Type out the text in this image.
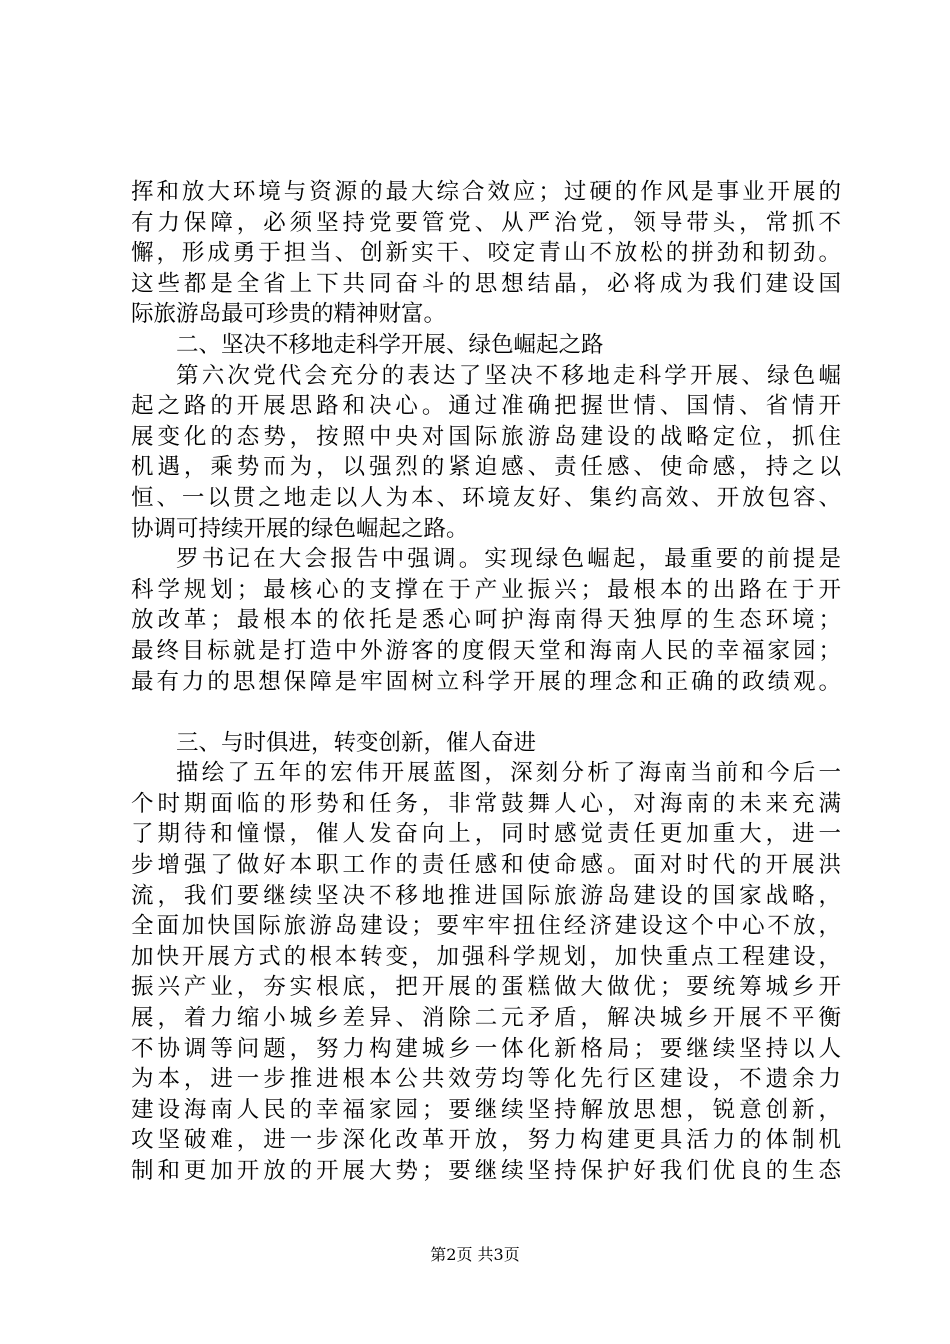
挥和放大环境与资源的最大综合效应；过硬的作风是事业开展的
有力保障，必须坚持党要管党、从严治党，领导带头，常抓不
懈，形成勇于担当、创新实干、咬定青山不放松的拼劲和韧劲。
这些都是全省上下共同奋斗的思想结晶，必将成为我们建设国
际旅游岛最可珍贵的精神财富。
二、坚决不移地走科学开展、绿色崛起之路
第六次党代会充分的表达了坚决不移地走科学开展、绿色崛
起之路的开展思路和决心。通过准确把握世情、国情、省情开
展变化的态势，按照中央对国际旅游岛建设的战略定位，抓住
机遇，乘势而为，以强烈的紧迫感、责任感、使命感，持之以
恒、一以贯之地走以人为本、环境友好、集约高效、开放包容、
协调可持续开展的绿色崛起之路。
罗书记在大会报告中强调。实现绿色崛起，最重要的前提是
科学规划；最核心的支撑在于产业振兴；最根本的出路在于开
放改革；最根本的依托是悉心呵护海南得天独厚的生态环境；
最终目标就是打造中外游客的度假天堂和海南人民的幸福家园；
最有力的思想保障是牢固树立科学开展的理念和正确的政绩观。
三、与时俱进，转变创新，催人奋进
描绘了五年的宏伟开展蓝图，深刻分析了海南当前和今后一
个时期面临的形势和任务，非常鼓舞人心，对海南的未来充满
了期待和憧憬，催人发奋向上，同时感觉责任更加重大，进一
步增强了做好本职工作的责任感和使命感。面对时代的开展洪
流，我们要继续坚决不移地推进国际旅游岛建设的国家战略，
全面加快国际旅游岛建设；要牢牢扭住经济建设这个中心不放，
加快开展方式的根本转变，加强科学规划，加快重点工程建设，
振兴产业，夯实根底，把开展的蛋糕做大做优；要统筹城乡开
展，着力缩小城乡差异、消除二元矛盾，解决城乡开展不平衡
不协调等问题，努力构建城乡一体化新格局；要继续坚持以人
为本，进一步推进根本公共效劳均等化先行区建设，不遗余力
建设海南人民的幸福家园；要继续坚持解放思想，锐意创新，
攻坚破难，进一步深化改革开放，努力构建更具活力的体制机
制和更加开放的开展大势；要继续坚持保护好我们优良的生态
第2页 共3页
